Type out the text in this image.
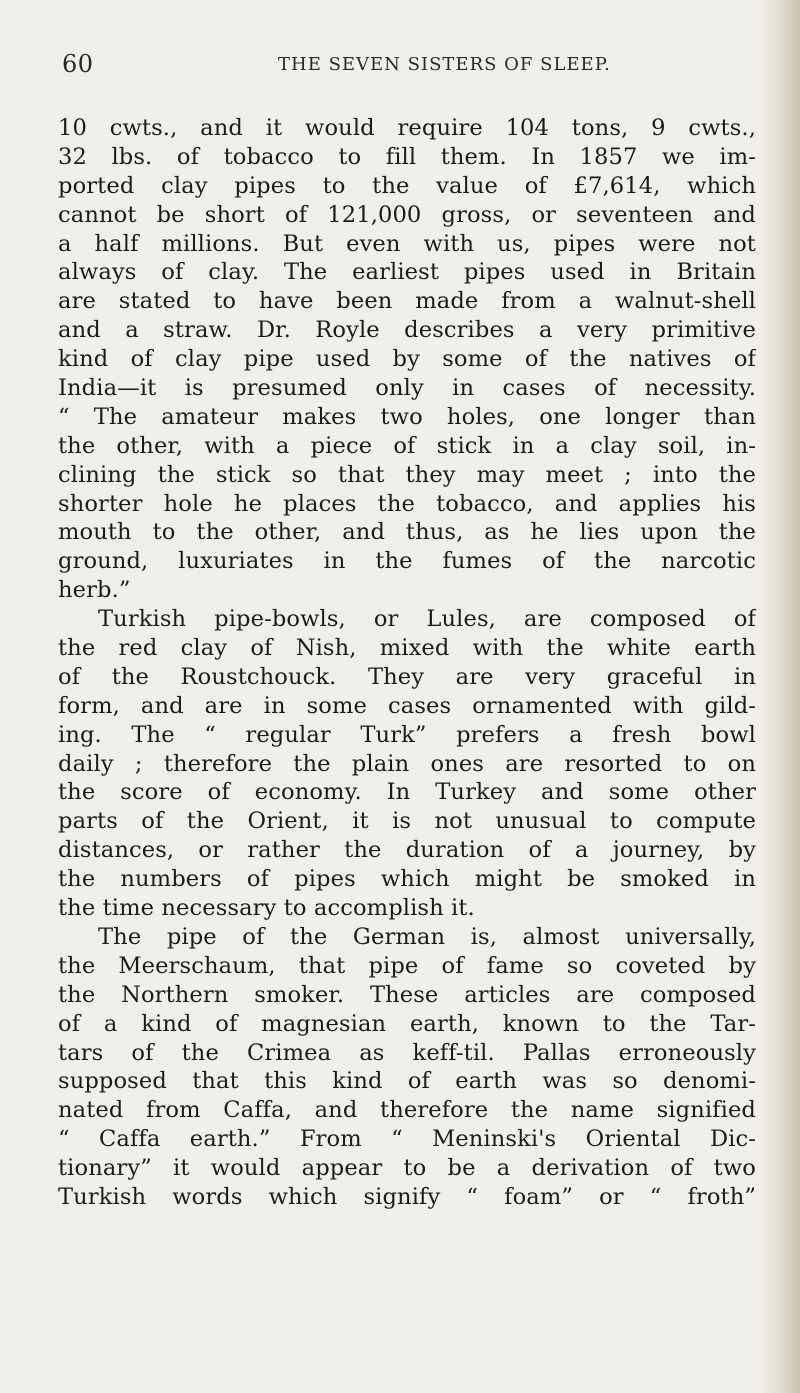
60	THE SEVEN SISTERS OF SLEEP.
10 cwts., and it would require 104 tons, 9 cwts.,
32 lbs. of tobacco to fill them. In 1857 we im-
ported clay pipes to the value of £7,614, which
cannot be short of 121,000 gross, or seventeen and
a half millions. But even with us, pipes were not
always of clay. The earliest pipes used in Britain
are stated to have been made from a walnut-shell
and a straw. Dr. Royle describes a very primitive
kind of clay pipe used by some of the natives of
India—it is presumed only in cases of necessity.
“ The amateur makes two holes, one longer than
the other, with a piece of stick in a clay soil, in-
clining the stick so that they may meet ; into the
shorter hole he places the tobacco, and applies his
mouth to the other, and thus, as he lies upon the
ground, luxuriates in the fumes of the narcotic
herb.”
Turkish pipe-bowls, or Lules, are composed of
the red clay of Nish, mixed with the white earth
of the Roustchouck. They are very graceful in
form, and are in some cases ornamented with gild-
ing. The “ regular Turk” prefers a fresh bowl
daily ; therefore the plain ones are resorted to on
the score of economy. In Turkey and some other
parts of the Orient, it is not unusual to compute
distances, or rather the duration of a journey, by
the numbers of pipes which might be smoked in
the time necessary to accomplish it.
The pipe of the German is, almost universally,
the Meerschaum, that pipe of fame so coveted by
the Northern smoker. These articles are composed
of a kind of magnesian earth, known to the Tar-
tars of the Crimea as keff-til. Pallas erroneously
supposed that this kind of earth was so denomi-
nated from Caffa, and therefore the name signified
“ Caffa earth.” From “ Meninski's Oriental Dic-
tionary” it would appear to be a derivation of two
Turkish words which signify “ foam” or “ froth”
